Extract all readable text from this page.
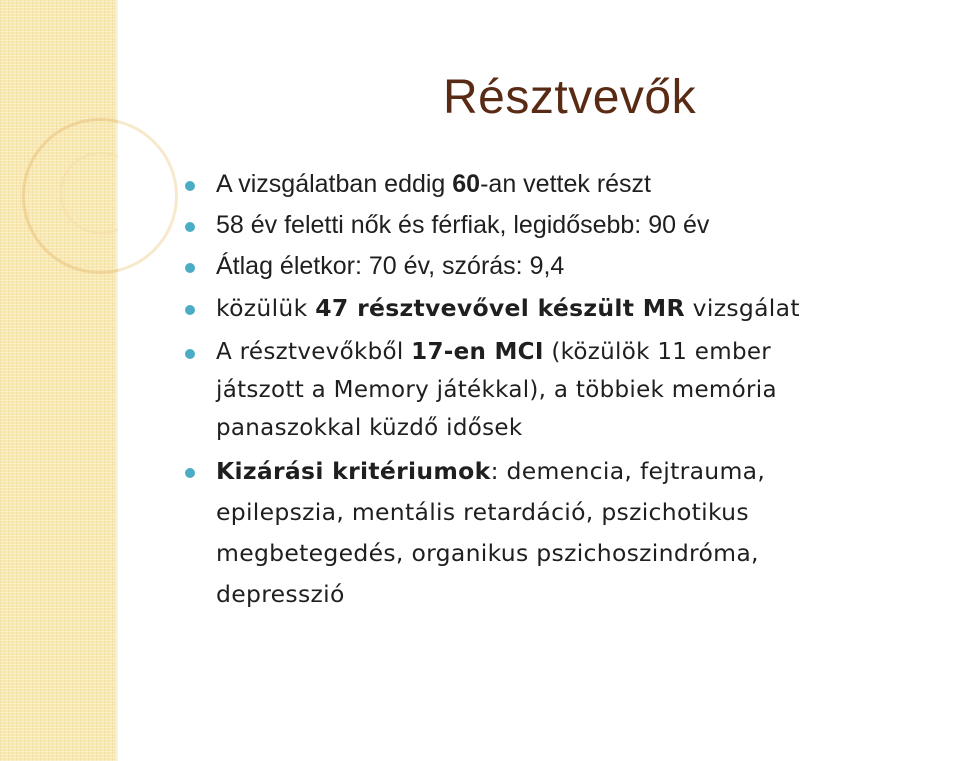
Résztvevők
A vizsgálatban eddig 60-an vettek részt
58 év feletti nők és férfiak, legidősebb: 90 év
Átlag életkor: 70 év, szórás: 9,4
közülük 47 résztvevővel készült MR vizsgálat
A résztvevőkből 17-en MCI (közülök 11 ember
játszott a Memory játékkal), a többiek memória
panaszokkal küzdő idősek
Kizárási kritériumok: demencia, fejtrauma,
epilepszia, mentális retardáció, pszichotikus
megbetegedés, organikus pszichoszindróma,
depresszió
